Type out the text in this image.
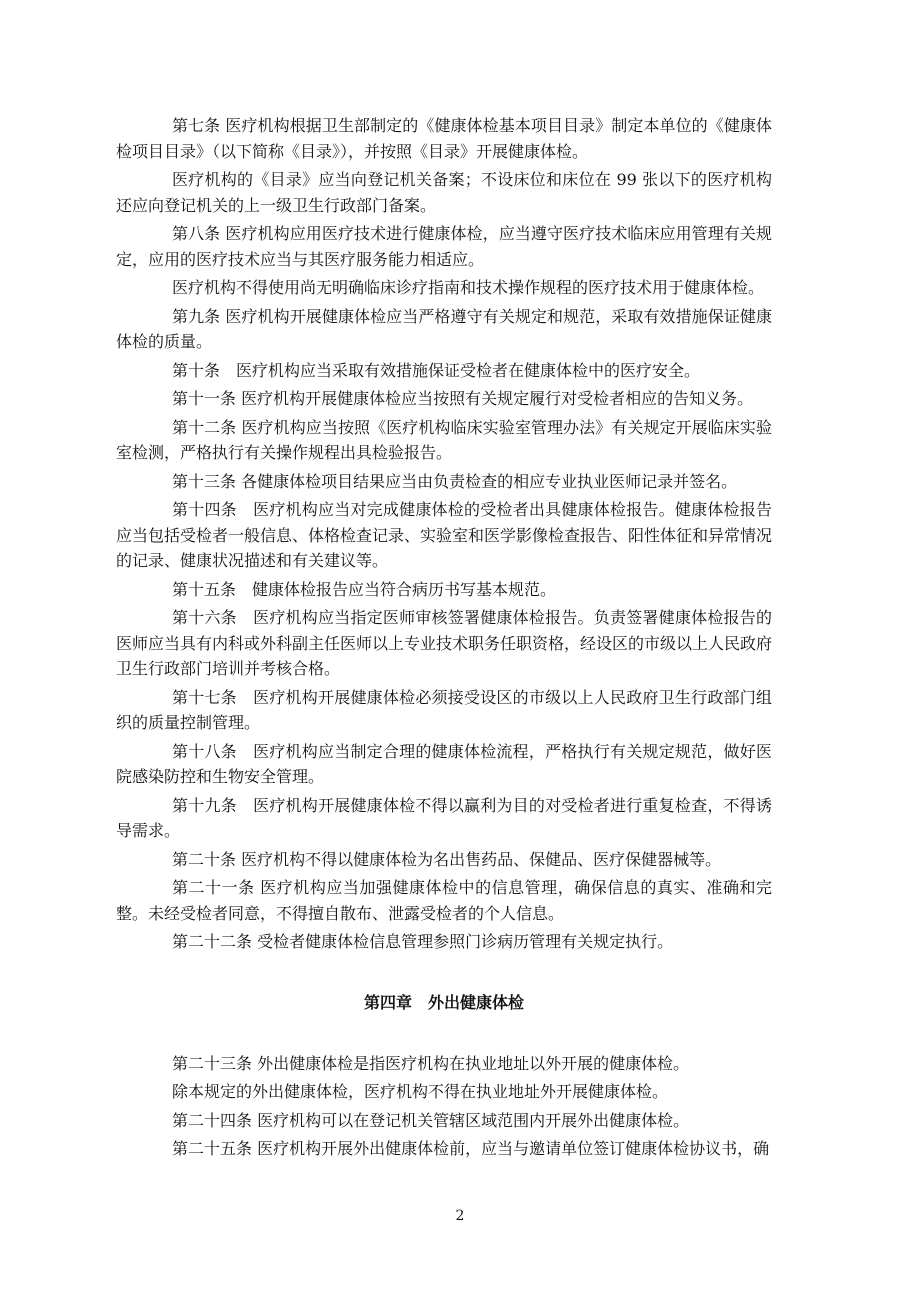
第七条 医疗机构根据卫生部制定的《健康体检基本项目目录》制定本单位的《健康体检项目目录》（以下简称《目录》），并按照《目录》开展健康体检。

医疗机构的《目录》应当向登记机关备案；不设床位和床位在 99 张以下的医疗机构还应向登记机关的上一级卫生行政部门备案。

第八条 医疗机构应用医疗技术进行健康体检，应当遵守医疗技术临床应用管理有关规定，应用的医疗技术应当与其医疗服务能力相适应。

医疗机构不得使用尚无明确临床诊疗指南和技术操作规程的医疗技术用于健康体检。

第九条 医疗机构开展健康体检应当严格遵守有关规定和规范，采取有效措施保证健康体检的质量。

第十条　医疗机构应当采取有效措施保证受检者在健康体检中的医疗安全。

第十一条 医疗机构开展健康体检应当按照有关规定履行对受检者相应的告知义务。

第十二条 医疗机构应当按照《医疗机构临床实验室管理办法》有关规定开展临床实验室检测，严格执行有关操作规程出具检验报告。

第十三条 各健康体检项目结果应当由负责检查的相应专业执业医师记录并签名。

第十四条　医疗机构应当对完成健康体检的受检者出具健康体检报告。健康体检报告应当包括受检者一般信息、体格检查记录、实验室和医学影像检查报告、阳性体征和异常情况的记录、健康状况描述和有关建议等。

第十五条　健康体检报告应当符合病历书写基本规范。

第十六条　医疗机构应当指定医师审核签署健康体检报告。负责签署健康体检报告的医师应当具有内科或外科副主任医师以上专业技术职务任职资格，经设区的市级以上人民政府卫生行政部门培训并考核合格。

第十七条　医疗机构开展健康体检必须接受设区的市级以上人民政府卫生行政部门组织的质量控制管理。

第十八条　医疗机构应当制定合理的健康体检流程，严格执行有关规定规范，做好医院感染防控和生物安全管理。

第十九条　医疗机构开展健康体检不得以赢利为目的对受检者进行重复检查，不得诱导需求。

第二十条 医疗机构不得以健康体检为名出售药品、保健品、医疗保健器械等。

第二十一条 医疗机构应当加强健康体检中的信息管理，确保信息的真实、准确和完整。未经受检者同意，不得擅自散布、泄露受检者的个人信息。

第二十二条 受检者健康体检信息管理参照门诊病历管理有关规定执行。

第四章　外出健康体检

第二十三条 外出健康体检是指医疗机构在执业地址以外开展的健康体检。

除本规定的外出健康体检，医疗机构不得在执业地址外开展健康体检。

第二十四条 医疗机构可以在登记机关管辖区域范围内开展外出健康体检。

第二十五条 医疗机构开展外出健康体检前，应当与邀请单位签订健康体检协议书，确

2
